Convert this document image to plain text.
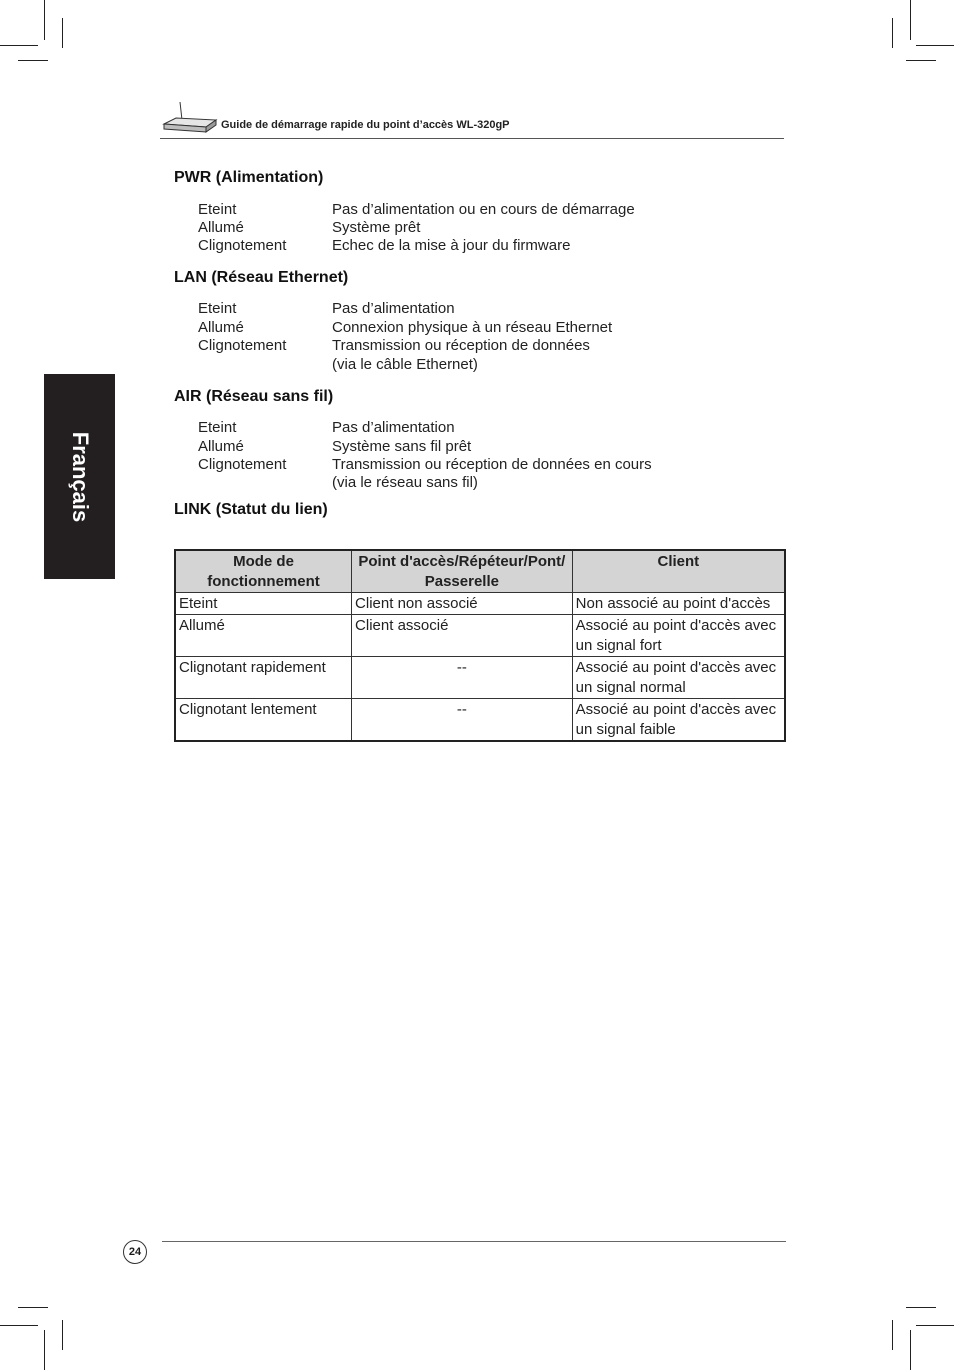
Guide de démarrage rapide du point d’accès WL-320gP
Français
PWR (Alimentation)
Eteint	Pas d’alimentation ou en cours de démarrage
Allumé	Système prêt
Clignotement	Echec de la mise à jour du firmware
LAN (Réseau Ethernet)
Eteint	Pas d’alimentation
Allumé	Connexion physique à un réseau Ethernet
Clignotement	Transmission ou réception de données
(via le câble Ethernet)
AIR (Réseau sans fil)
Eteint	Pas d’alimentation
Allumé	Système sans fil prêt
Clignotement	Transmission ou réception de données en cours
(via le réseau sans fil)
LINK (Statut du lien)
Mode de fonctionnement	Point d'accès/Répéteur/Pont/ Passerelle	Client
Eteint	Client non associé	Non associé au point d'accès
Allumé	Client associé	Associé au point d'accès avec un signal fort
Clignotant rapidement	--	Associé au point d'accès avec un signal normal
Clignotant lentement	--	Associé au point d'accès avec un signal faible
24
